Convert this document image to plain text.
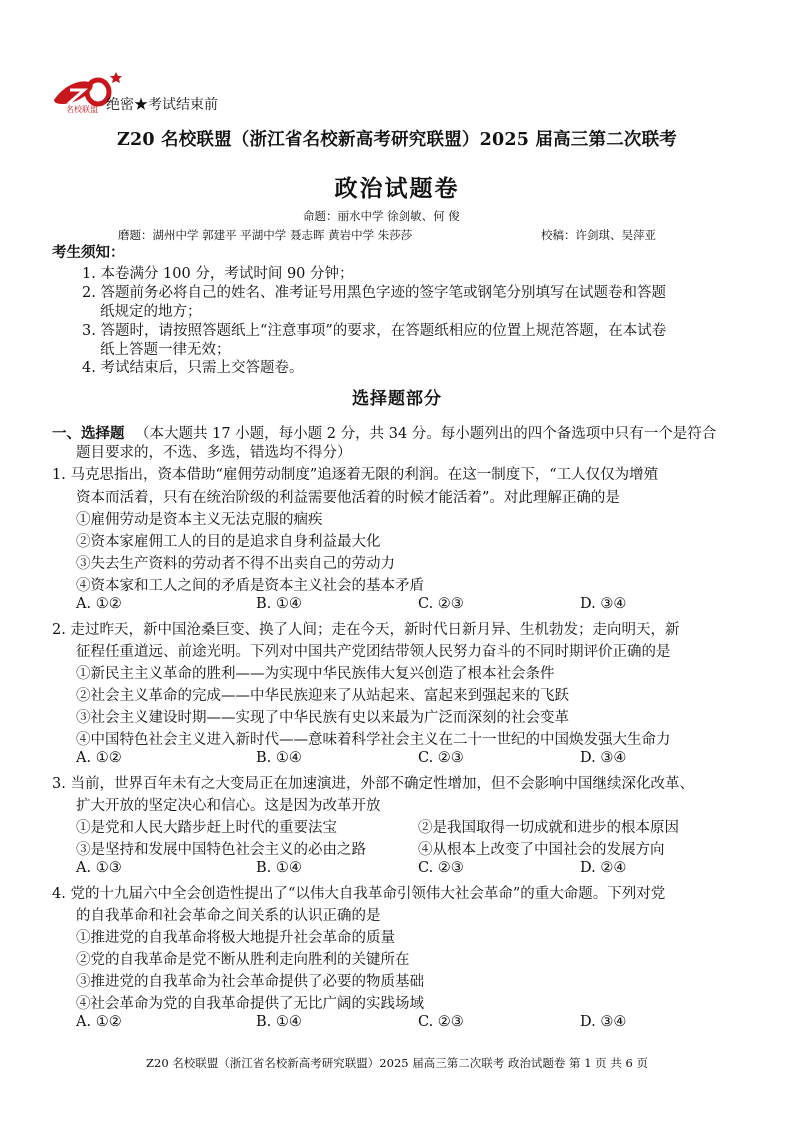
名校联盟 绝密★考试结束前
Z20 名校联盟（浙江省名校新高考研究联盟）2025 届高三第二次联考
政治试题卷
命题：丽水中学 徐剑敏、何 俊
磨题：湖州中学 郭建平 平湖中学 聂志晖 黄岩中学 朱莎莎	校稿：许剑琪、吴萍亚
考生须知：
1. 本卷满分 100 分，考试时间 90 分钟；
2. 答题前务必将自己的姓名、准考证号用黑色字迹的签字笔或钢笔分别填写在试题卷和答题
纸规定的地方；
3. 答题时，请按照答题纸上“注意事项”的要求，在答题纸相应的位置上规范答题，在本试卷
纸上答题一律无效；
4. 考试结束后，只需上交答题卷。
选择题部分
一、选择题 （本大题共 17 小题，每小题 2 分，共 34 分。每小题列出的四个备选项中只有一个是符合
题目要求的，不选、多选，错选均不得分）
1. 马克思指出，资本借助“雇佣劳动制度”追逐着无限的利润。在这一制度下，“工人仅仅为增殖
资本而活着，只有在统治阶级的利益需要他活着的时候才能活着”。对此理解正确的是
①雇佣劳动是资本主义无法克服的痼疾
②资本家雇佣工人的目的是追求自身利益最大化
③失去生产资料的劳动者不得不出卖自己的劳动力
④资本家和工人之间的矛盾是资本主义社会的基本矛盾
A. ①②	B. ①④	C. ②③	D. ③④
2. 走过昨天，新中国沧桑巨变、换了人间；走在今天，新时代日新月异、生机勃发；走向明天，新
征程任重道远、前途光明。下列对中国共产党团结带领人民努力奋斗的不同时期评价正确的是
①新民主主义革命的胜利——为实现中华民族伟大复兴创造了根本社会条件
②社会主义革命的完成——中华民族迎来了从站起来、富起来到强起来的飞跃
③社会主义建设时期——实现了中华民族有史以来最为广泛而深刻的社会变革
④中国特色社会主义进入新时代——意味着科学社会主义在二十一世纪的中国焕发强大生命力
A. ①②	B. ①④	C. ②③	D. ③④
3. 当前，世界百年未有之大变局正在加速演进，外部不确定性增加，但不会影响中国继续深化改革、
扩大开放的坚定决心和信心。这是因为改革开放
①是党和人民大踏步赶上时代的重要法宝	②是我国取得一切成就和进步的根本原因
③是坚持和发展中国特色社会主义的必由之路	④从根本上改变了中国社会的发展方向
A. ①③	B. ①④	C. ②③	D. ②④
4. 党的十九届六中全会创造性提出了“以伟大自我革命引领伟大社会革命”的重大命题。下列对党
的自我革命和社会革命之间关系的认识正确的是
①推进党的自我革命将极大地提升社会革命的质量
②党的自我革命是党不断从胜利走向胜利的关键所在
③推进党的自我革命为社会革命提供了必要的物质基础
④社会革命为党的自我革命提供了无比广阔的实践场域
A. ①②	B. ①④	C. ②③	D. ③④
Z20 名校联盟（浙江省名校新高考研究联盟）2025 届高三第二次联考 政治试题卷 第 1 页 共 6 页
